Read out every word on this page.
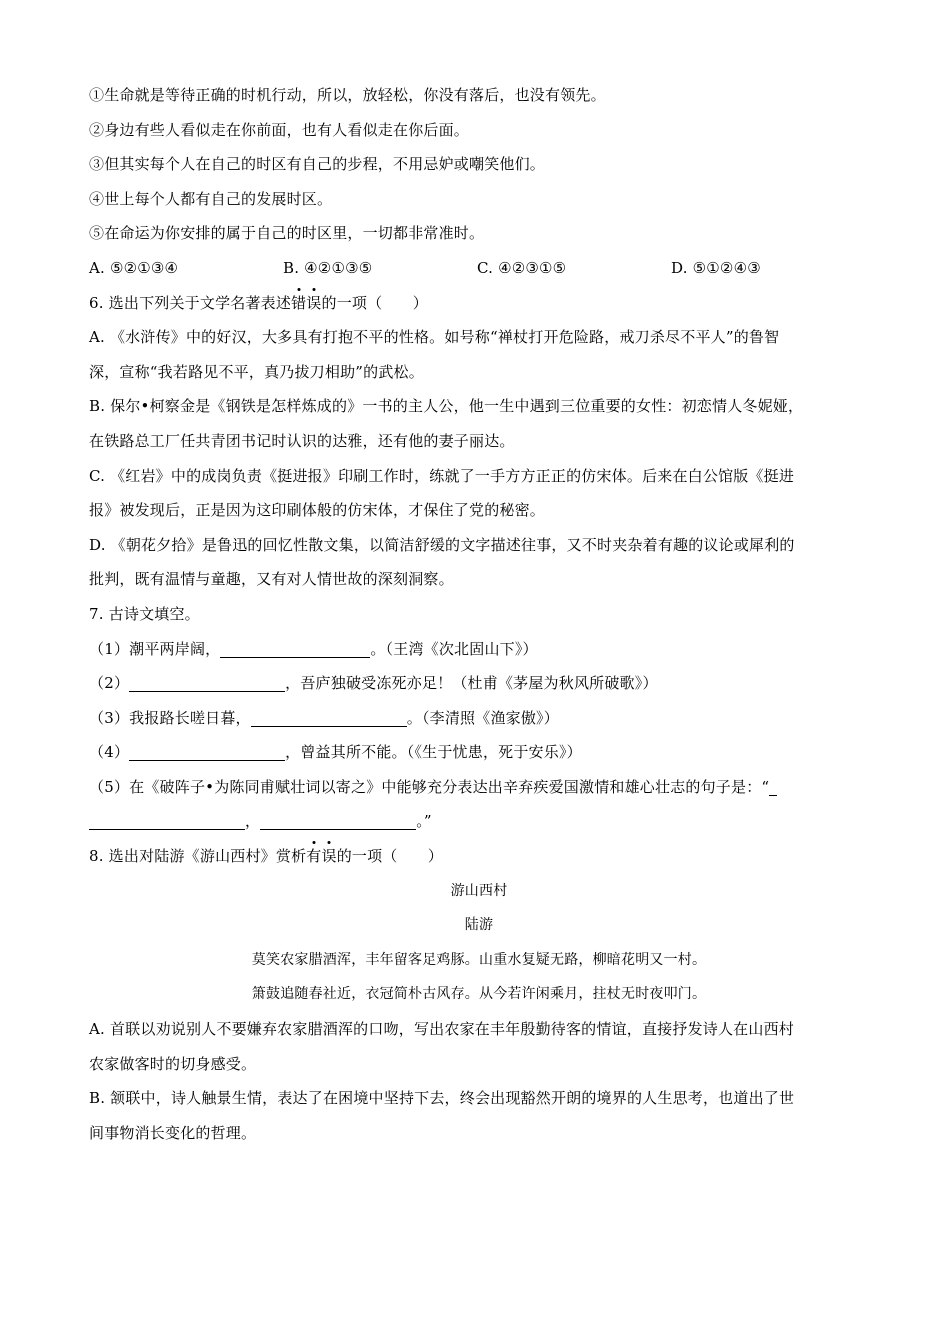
①生命就是等待正确的时机行动，所以，放轻松，你没有落后，也没有领先。
②身边有些人看似走在你前面，也有人看似走在你后面。
③但其实每个人在自己的时区有自己的步程，不用忌妒或嘲笑他们。
④世上每个人都有自己的发展时区。
⑤在命运为你安排的属于自己的时区里，一切都非常准时。
A. ⑤②①③④	B. ④②①③⑤	C. ④②③①⑤	D. ⑤①②④③
6. 选出下列关于文学名著表述错误的一项（　　）
A. 《水浒传》中的好汉，大多具有打抱不平的性格。如号称“禅杖打开危险路，戒刀杀尽不平人”的鲁智
深，宣称“我若路见不平，真乃拔刀相助”的武松。
B. 保尔•柯察金是《钢铁是怎样炼成的》一书的主人公，他一生中遇到三位重要的女性：初恋情人冬妮娅，
在铁路总工厂任共青团书记时认识的达雅，还有他的妻子丽达。
C. 《红岩》中的成岗负责《挺进报》印刷工作时，练就了一手方方正正的仿宋体。后来在白公馆版《挺进
报》被发现后，正是因为这印刷体般的仿宋体，才保住了党的秘密。
D. 《朝花夕拾》是鲁迅的回忆性散文集，以简洁舒缓的文字描述往事，又不时夹杂着有趣的议论或犀利的
批判，既有温情与童趣，又有对人情世故的深刻洞察。
7. 古诗文填空。
（1）潮平两岸阔，	。（王湾《次北固山下》）
（2）	，吾庐独破受冻死亦足！（杜甫《茅屋为秋风所破歌》）
（3）我报路长嗟日暮，	。（李清照《渔家傲》）
（4）	，曾益其所不能。（《生于忧患，死于安乐》）
（5）在《破阵子•为陈同甫赋壮词以寄之》中能够充分表达出辛弃疾爱国激情和雄心壮志的句子是：“
，	。”
8. 选出对陆游《游山西村》赏析有误的一项（　　）
游山西村
陆游
莫笑农家腊酒浑，丰年留客足鸡豚。山重水复疑无路，柳暗花明又一村。
箫鼓追随春社近，衣冠简朴古风存。从今若许闲乘月，拄杖无时夜叩门。
A. 首联以劝说别人不要嫌弃农家腊酒浑的口吻，写出农家在丰年殷勤待客的情谊，直接抒发诗人在山西村
农家做客时的切身感受。
B. 颔联中，诗人触景生情，表达了在困境中坚持下去，终会出现豁然开朗的境界的人生思考，也道出了世
间事物消长变化的哲理。
